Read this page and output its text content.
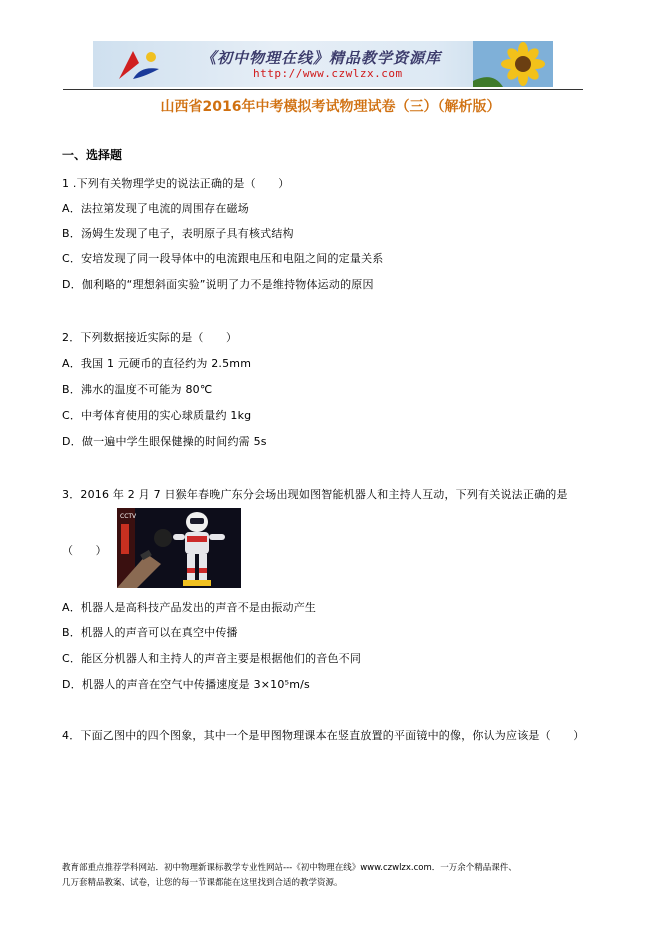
《初中物理在线》精品教学资源库
http://www.czwlzx.com
山西省2016年中考模拟考试物理试卷（三）（解析版）
一、选择题
1 .下列有关物理学史的说法正确的是（　　）
A．法拉第发现了电流的周围存在磁场
B．汤姆生发现了电子，表明原子具有核式结构
C．安培发现了同一段导体中的电流跟电压和电阻之间的定量关系
D．伽利略的“理想斜面实验”说明了力不是维持物体运动的原因
2．下列数据接近实际的是（　　）
A．我国 1 元硬币的直径约为 2.5mm
B．沸水的温度不可能为 80℃
C．中考体育使用的实心球质量约 1kg
D．做一遍中学生眼保健操的时间约需 5s
3．2016 年 2 月 7 日猴年春晚广东分会场出现如图智能机器人和主持人互动，下列有关说法正确的是
（　　）
CCTV
A．机器人是高科技产品发出的声音不是由振动产生
B．机器人的声音可以在真空中传播
C．能区分机器人和主持人的声音主要是根据他们的音色不同
D．机器人的声音在空气中传播速度是 3×10⁵m/s
4．下面乙图中的四个图象，其中一个是甲图物理课本在竖直放置的平面镜中的像，你认为应该是（　　）
教育部重点推荐学科网站．初中物理新课标教学专业性网站---《初中物理在线》www.czwlzx.com．一万余个精品课件、
几万套精品教案、试卷，让您的每一节课都能在这里找到合适的教学资源。
